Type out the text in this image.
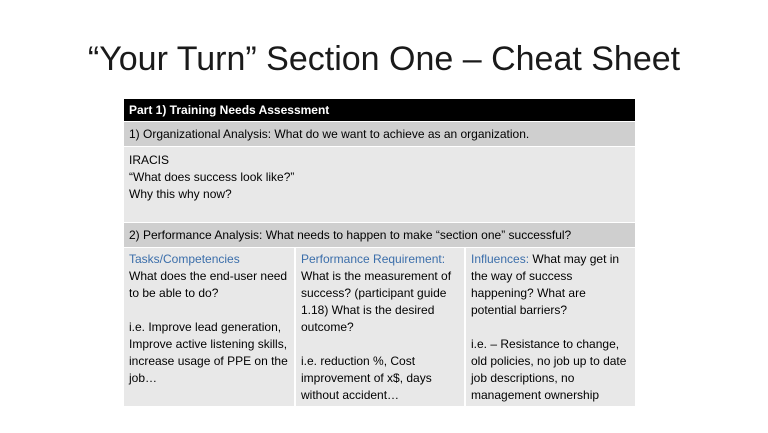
“Your Turn” Section One – Cheat Sheet
Part 1) Training Needs Assessment
1) Organizational Analysis: What do we want to achieve as an organization.
IRACIS
“What does success look like?”
Why this why now?
2) Performance Analysis: What needs to happen to make “section one” successful?
Tasks/Competencies
What does the end-user need to be able to do?
i.e. Improve lead generation, Improve active listening skills, increase usage of PPE on the job…
Performance Requirement:
What is the measurement of success? (participant guide 1.18) What is the desired outcome?
i.e. reduction %, Cost improvement of x$, days without accident…
Influences: What may get in the way of success happening? What are potential barriers?
i.e. – Resistance to change, old policies, no job up to date job descriptions, no management ownership
